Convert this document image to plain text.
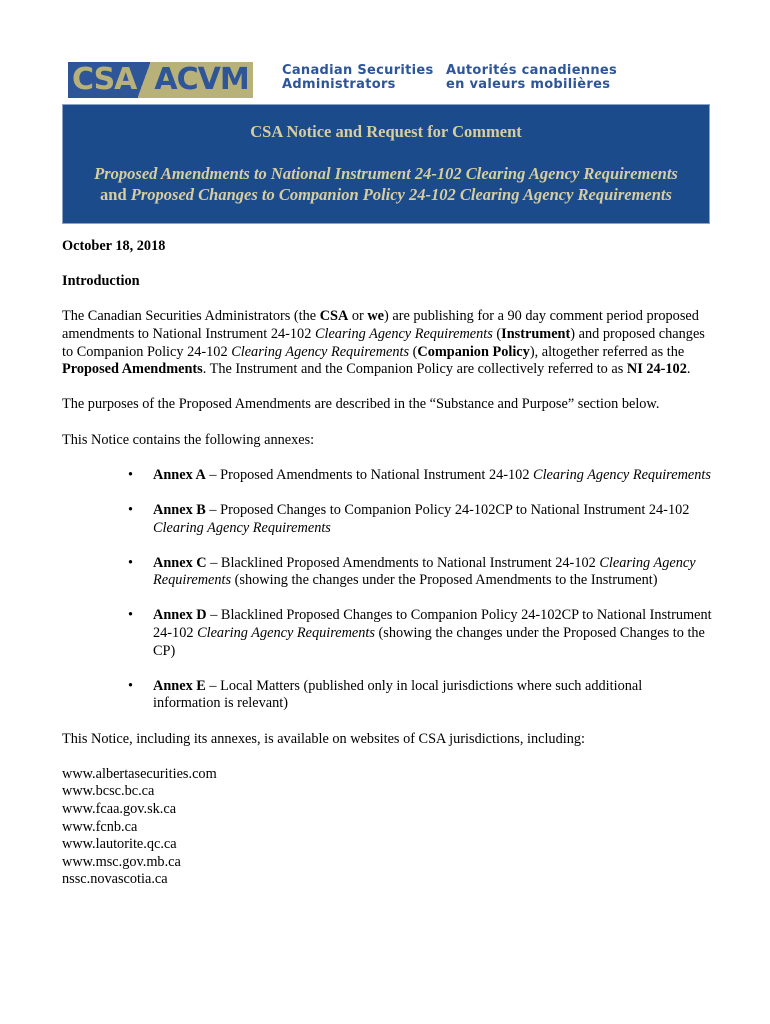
CSA ACVM	Canadian Securities
Administrators
Autorités canadiennes
en valeurs mobilières
CSA Notice and Request for Comment
Proposed Amendments to National Instrument 24-102 Clearing Agency Requirements
and Proposed Changes to Companion Policy 24-102 Clearing Agency Requirements

October 18, 2018

Introduction

The Canadian Securities Administrators (the CSA or we) are publishing for a 90 day comment period proposed amendments to National Instrument 24-102 Clearing Agency Requirements (Instrument) and proposed changes to Companion Policy 24-102 Clearing Agency Requirements (Companion Policy), altogether referred as the Proposed Amendments. The Instrument and the Companion Policy are collectively referred to as NI 24-102.

The purposes of the Proposed Amendments are described in the “Substance and Purpose” section below.

This Notice contains the following annexes:

• Annex A – Proposed Amendments to National Instrument 24-102 Clearing Agency Requirements
• Annex B – Proposed Changes to Companion Policy 24-102CP to National Instrument 24-102 Clearing Agency Requirements
• Annex C – Blacklined Proposed Amendments to National Instrument 24-102 Clearing Agency Requirements (showing the changes under the Proposed Amendments to the Instrument)
• Annex D – Blacklined Proposed Changes to Companion Policy 24-102CP to National Instrument 24-102 Clearing Agency Requirements (showing the changes under the Proposed Changes to the CP)
• Annex E – Local Matters (published only in local jurisdictions where such additional information is relevant)

This Notice, including its annexes, is available on websites of CSA jurisdictions, including:

www.albertasecurities.com
www.bcsc.bc.ca
www.fcaa.gov.sk.ca
www.fcnb.ca
www.lautorite.qc.ca
www.msc.gov.mb.ca
nssc.novascotia.ca
